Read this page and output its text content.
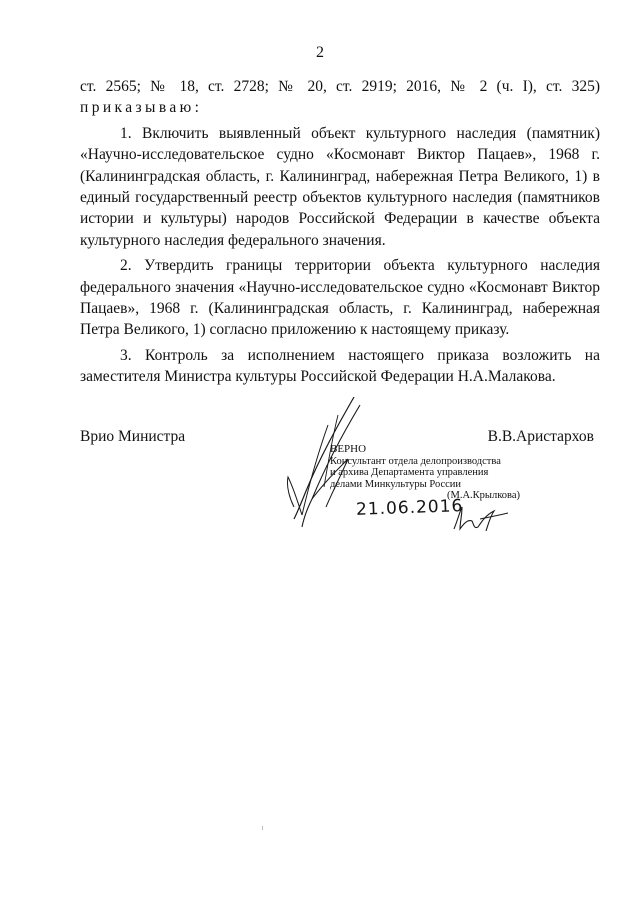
2

ст. 2565; № 18, ст. 2728; № 20, ст. 2919; 2016, № 2 (ч. I), ст. 325)

приказываю:

1. Включить выявленный объект культурного наследия (памятник) «Научно-исследовательское судно «Космонавт Виктор Пацаев», 1968 г. (Калининградская область, г. Калининград, набережная Петра Великого, 1) в единый государственный реестр объектов культурного наследия (памятников истории и культуры) народов Российской Федерации в качестве объекта культурного наследия федерального значения.

2. Утвердить границы территории объекта культурного наследия федерального значения «Научно-исследовательское судно «Космонавт Виктор Пацаев», 1968 г. (Калининградская область, г. Калининград, набережная Петра Великого, 1) согласно приложению к настоящему приказу.

3. Контроль за исполнением настоящего приказа возложить на заместителя Министра культуры Российской Федерации Н.А.Малакова.

Врио Министра	В.В.Аристархов
ВЕРНО
Консультант отдела делопроизводства
и архива Департамента управления
делами Минкультуры России
(М.А.Крылкова)
21.06.2016
